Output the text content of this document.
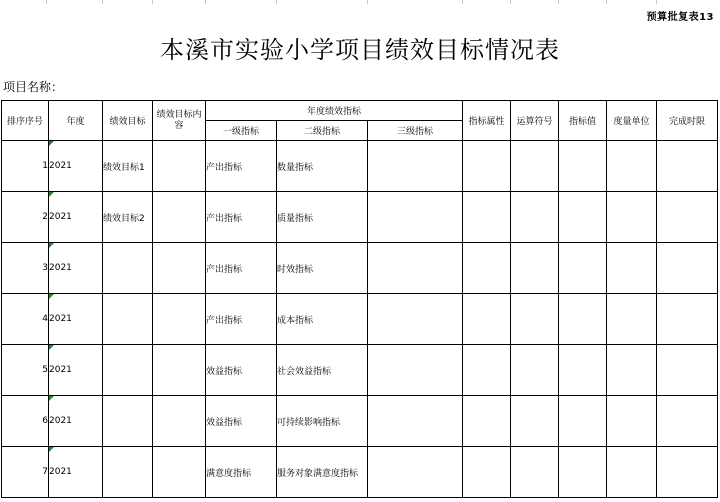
预算批复表13
本溪市实验小学项目绩效目标情况表
项目名称：
排序序号	年度	绩效目标	绩效目标内容	年度绩效指标			指标属性	运算符号	指标值	度量单位	完成时限
				一级指标	二级指标	三级指标					
1	2021	绩效目标1		产出指标	数量指标						
2	2021	绩效目标2		产出指标	质量指标						
3	2021			产出指标	时效指标						
4	2021			产出指标	成本指标						
5	2021			效益指标	社会效益指标						
6	2021			效益指标	可持续影响指标						
7	2021			满意度指标	服务对象满意度指标						
